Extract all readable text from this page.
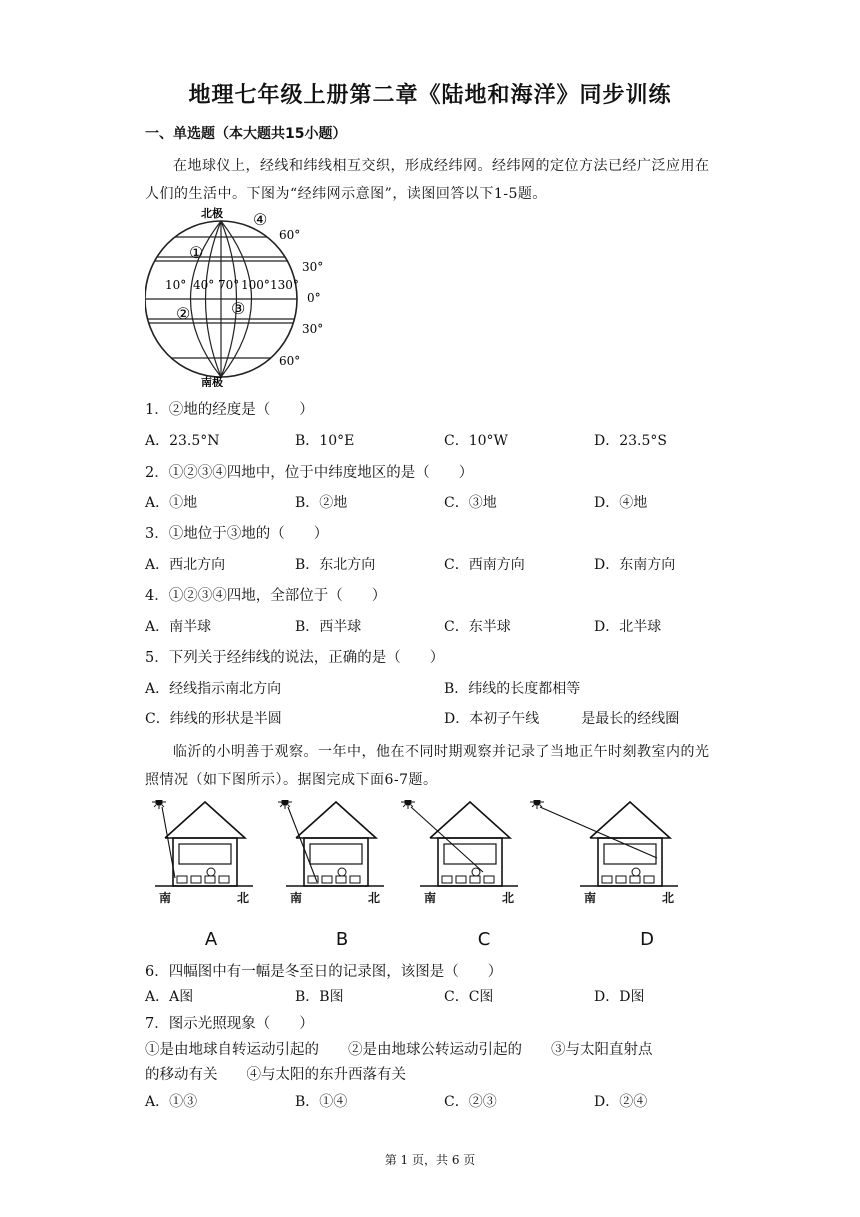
地理七年级上册第二章《陆地和海洋》同步训练
一、单选题（本大题共15小题）
在地球仪上，经线和纬线相互交织，形成经纬网。经纬网的定位方法已经广泛应用在人们的生活中。下图为“经纬网示意图”，读图回答以下1-5题。
北极
南极
④
①
②	③
60°
30°
0°
30°
60°
10° 40° 70° 100° 130°
1．②地的经度是（　　）
A．23.5°N	B．10°E	C．10°W	D．23.5°S
2．①②③④四地中，位于中纬度地区的是（　　）
A．①地	B．②地	C．③地	D．④地
3．①地位于③地的（　　）
A．西北方向	B．东北方向	C．西南方向	D．东南方向
4．①②③④四地，全部位于（　　）
A．南半球	B．西半球	C．东半球	D．北半球
5．下列关于经纬线的说法，正确的是（　　）
A．经线指示南北方向	B．纬线的长度都相等
C．纬线的形状是半圆	D．本初子午线　　　是最长的经线圈
临沂的小明善于观察。一年中，他在不同时期观察并记录了当地正午时刻教室内的光照情况（如下图所示）。据图完成下面6-7题。
南	北
A
南	北
B
南	北
C
南	北
D
6．四幅图中有一幅是冬至日的记录图，该图是（　　）
A．A图	B．B图	C．C图	D．D图
7．图示光照现象（　　）
①是由地球自转运动引起的　　②是由地球公转运动引起的　　③与太阳直射点
的移动有关　　④与太阳的东升西落有关
A．①③	B．①④	C．②③	D．②④
第 1 页，共 6 页
